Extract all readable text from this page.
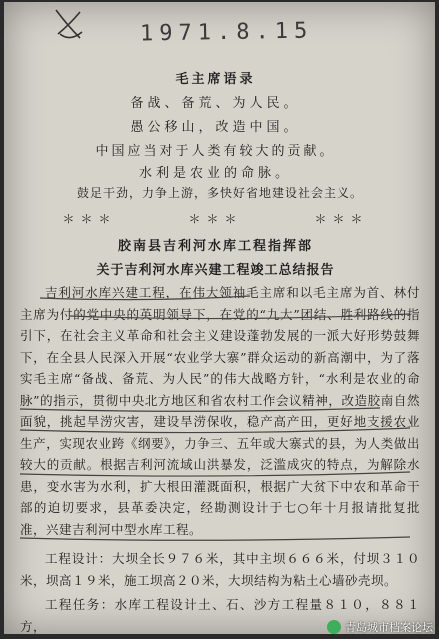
1971.8.15
毛主席语录
备战、备荒、为人民。
愚公移山，改造中国。
中国应当对于人类有较大的贡献。
水利是农业的命脉。
鼓足干劲，力争上游，多快好省地建设社会主义。
＊＊＊　　　　＊＊＊　　　　＊＊＊
胶南县吉利河水库工程指挥部
关于吉利河水库兴建工程竣工总结报告
吉利河水库兴建工程，在伟大领袖毛主席和以毛主席为首、林付主席为付的党中央的英明领导下，在党的“九大”团结、胜利路线的指引下，在社会主义革命和社会主义建设蓬勃发展的一派大好形势鼓舞下，在全县人民深入开展“农业学大寨”群众运动的新高潮中，为了落实毛主席“备战、备荒、为人民”的伟大战略方针，“水利是农业的命脉”的指示，贯彻中央北方地区和省农村工作会议精神，改造胶南自然面貌，挑起旱涝灾害，建设旱涝保收，稳产高产田，更好地支援农业生产，实现农业跨《纲要》，力争三、五年或大寨式的县，为人类做出较大的贡献。根据吉利河流域山洪暴发，泛滥成灾的特点，为解除水患，变水害为水利，扩大根田灌溉面积，根据广大贫下中农和革命干部的迫切要求，县革委决定，经勘测设计于七○年十月报请批复批准，兴建吉利河中型水库工程。
工程设计：大坝全长９７６米，其中主坝６６６米，付坝３１０米，坝高１９米，施工坝高２０米，大坝结构为粘土心墙砂壳坝。
工程任务：水库工程设计土、石、沙方工程量８１０，８８１方，	青岛城市档案论坛
